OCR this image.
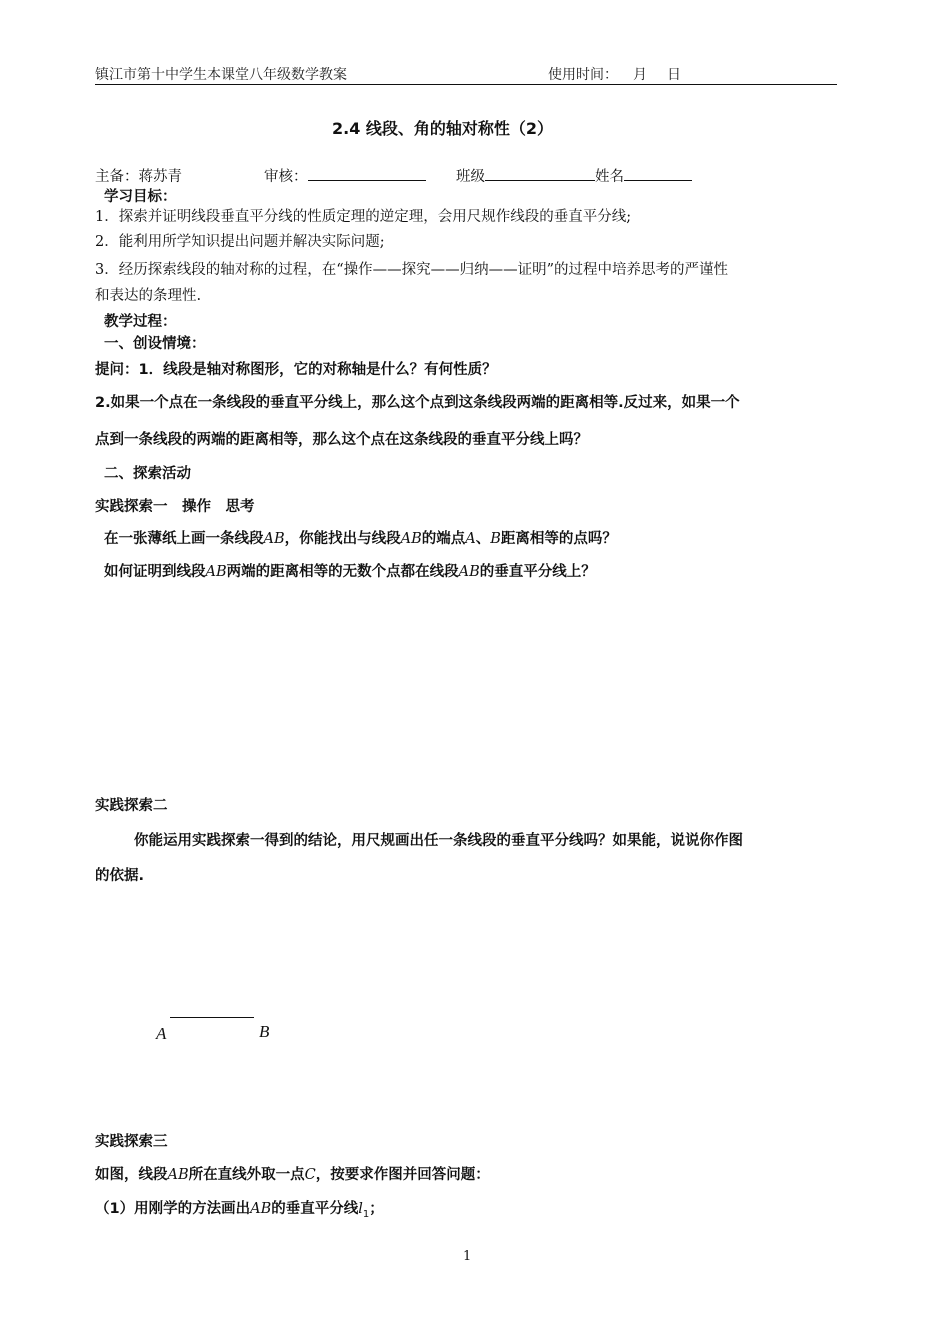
镇江市第十中学生本课堂八年级数学教案	使用时间： 月 日
2.4 线段、角的轴对称性（2）
主备：蒋苏青	审核：	班级	姓名
学习目标：
1．探索并证明线段垂直平分线的性质定理的逆定理，会用尺规作线段的垂直平分线;
2．能利用所学知识提出问题并解决实际问题;
3．经历探索线段的轴对称的过程，在“操作——探究——归纳——证明”的过程中培养思考的严谨性
和表达的条理性.
教学过程：
一、创设情境：
提问：1．线段是轴对称图形，它的对称轴是什么？有何性质？
2.如果一个点在一条线段的垂直平分线上，那么这个点到这条线段两端的距离相等.反过来，如果一个
点到一条线段的两端的距离相等，那么这个点在这条线段的垂直平分线上吗？
二、探索活动
实践探索一　操作　思考
在一张薄纸上画一条线段AB，你能找出与线段AB的端点A、B距离相等的点吗？
如何证明到线段AB两端的距离相等的无数个点都在线段AB的垂直平分线上？
实践探索二
你能运用实践探索一得到的结论，用尺规画出任一条线段的垂直平分线吗？如果能，说说你作图
的依据.
A	B
实践探索三
如图，线段AB所在直线外取一点C，按要求作图并回答问题：
（1）用刚学的方法画出AB的垂直平分线$l_1$；
1
